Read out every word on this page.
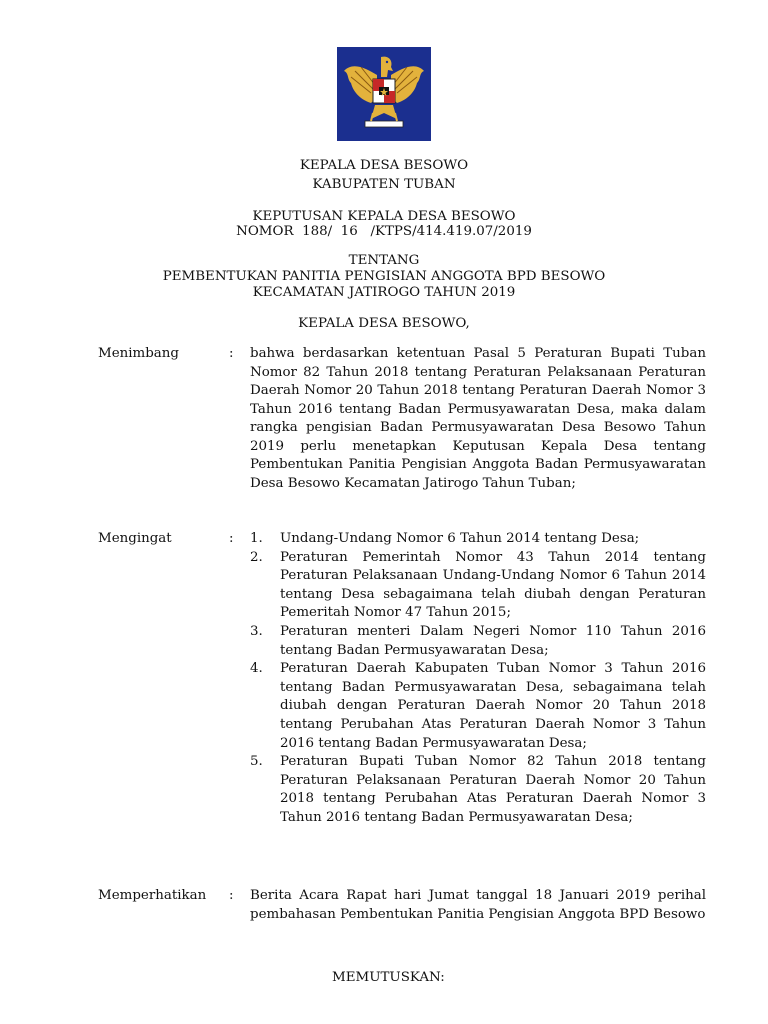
KEPALA DESA BESOWO
KABUPATEN TUBAN
KEPUTUSAN KEPALA DESA BESOWO
NOMOR  188/  16   /KTPS/414.419.07/2019
TENTANG
PEMBENTUKAN PANITIA PENGISIAN ANGGOTA BPD BESOWO
KECAMATAN JATIROGO TAHUN 2019
KEPALA DESA BESOWO,
Menimbang	: bahwa berdasarkan ketentuan Pasal 5 Peraturan Bupati Tuban Nomor 82 Tahun 2018 tentang Peraturan Pelaksanaan Peraturan Daerah Nomor 20 Tahun 2018 tentang Peraturan Daerah Nomor 3 Tahun 2016 tentang Badan Permusyawaratan Desa, maka dalam rangka pengisian Badan Permusyawaratan Desa Besowo Tahun 2019 perlu menetapkan Keputusan Kepala Desa tentang Pembentukan Panitia Pengisian Anggota Badan Permusyawaratan Desa Besowo Kecamatan Jatirogo Tahun Tuban;

Mengingat	: 1.	Undang-Undang Nomor 6 Tahun 2014 tentang Desa;
2.	Peraturan Pemerintah Nomor 43 Tahun 2014 tentang Peraturan Pelaksanaan Undang-Undang Nomor 6 Tahun 2014 tentang Desa sebagaimana telah diubah dengan Peraturan Pemeritah Nomor 47 Tahun 2015;
3.	Peraturan menteri Dalam Negeri Nomor 110 Tahun 2016 tentang Badan Permusyawaratan Desa;
4.	Peraturan Daerah Kabupaten Tuban Nomor 3 Tahun 2016 tentang Badan Permusyawaratan Desa, sebagaimana telah diubah dengan Peraturan Daerah Nomor 20 Tahun 2018 tentang Perubahan Atas Peraturan Daerah Nomor 3 Tahun 2016 tentang Badan Permusyawaratan Desa;
5.	Peraturan Bupati Tuban Nomor 82 Tahun 2018 tentang Peraturan Pelaksanaan Peraturan Daerah Nomor 20 Tahun 2018 tentang Perubahan Atas Peraturan Daerah Nomor 3 Tahun 2016 tentang Badan Permusyawaratan Desa;
Memperhatikan : Berita Acara Rapat hari Jumat tanggal 18 Januari 2019 perihal pembahasan Pembentukan Panitia Pengisian Anggota BPD Besowo

MEMUTUSKAN:
